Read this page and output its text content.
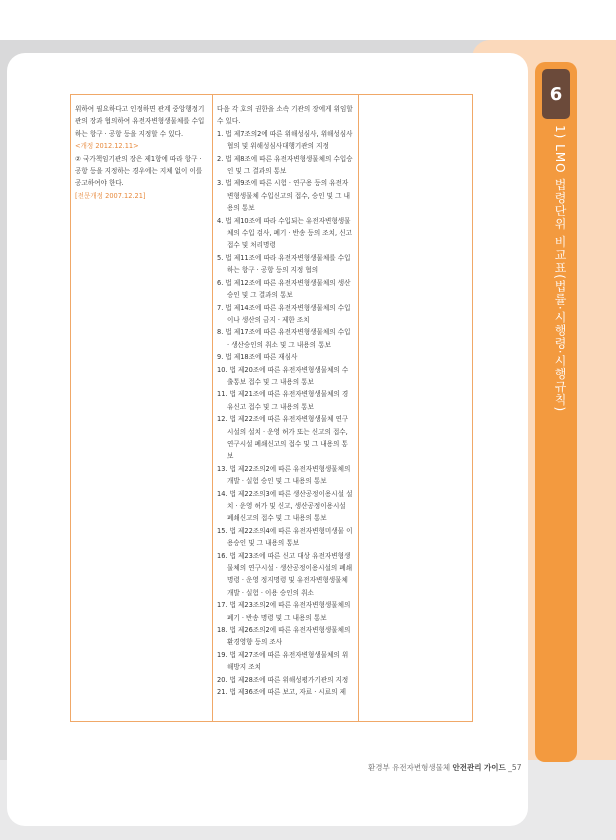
6
1) LMO 법령단위 비교표(법률·시행령·시행규칙)
위하여 필요하다고 인정하면 관계 중앙행정기관의 장과 협의하여 유전자변형생물체를 수입하는 항구 · 공항 등을 지정할 수 있다.
<개정 2012.12.11>
② 국가책임기관의 장은 제1항에 따라 항구 · 공항 등을 지정하는 경우에는 지체 없이 이를 공고하여야 한다.
[전문개정 2007.12.21]
다음 각 호의 권한을 소속 기관의 장에게 위임할 수 있다.
1. 법 제7조의2에 따른 위해성심사, 위해성심사 협의 및 위해성심사대행기관의 지정
2. 법 제8조에 따른 유전자변형생물체의 수입승인 및 그 결과의 통보
3. 법 제9조에 따른 시험 · 연구용 등의 유전자변형생물체 수입신고의 접수, 승인 및 그 내용의 통보
4. 법 제10조에 따라 수입되는 유전자변형생물체의 수입 검사, 폐기 · 반송 등의 조치, 신고 접수 및 처리명령
5. 법 제11조에 따라 유전자변형생물체를 수입하는 항구 · 공항 등의 지정 협의
6. 법 제12조에 따른 유전자변형생물체의 생산승인 및 그 결과의 통보
7. 법 제14조에 따른 유전자변형생물체의 수입이나 생산의 금지 · 제한 조치
8. 법 제17조에 따른 유전자변형생물체의 수입 · 생산승인의 취소 및 그 내용의 통보
9. 법 제18조에 따른 재심사
10. 법 제20조에 따른 유전자변형생물체의 수출통보 접수 및 그 내용의 통보
11. 법 제21조에 따른 유전자변형생물체의 경유신고 접수 및 그 내용의 통보
12. 법 제22조에 따른 유전자변형생물체 연구시설의 설치 · 운영 허가 또는 신고의 접수, 연구시설 폐쇄신고의 접수 및 그 내용의 통보
13. 법 제22조의2에 따른 유전자변형생물체의 개발 · 실험 승인 및 그 내용의 통보
14. 법 제22조의3에 따른 생산공정이용시설 설치 · 운영 허가 및 신고, 생산공정이용시설 폐쇄신고의 접수 및 그 내용의 통보
15. 법 제22조의4에 따른 유전자변형미생물 이용승인 및 그 내용의 통보
16. 법 제23조에 따른 신고 대상 유전자변형생물체의 연구시설 · 생산공정이용시설의 폐쇄 명령 · 운영 정지명령 및 유전자변형생물체 개발 · 실험 · 이용 승인의 취소
17. 법 제23조의2에 따른 유전자변형생물체의 폐기 · 반송 명령 및 그 내용의 통보
18. 법 제26조의2에 따른 유전자변형생물체의 환경영향 등의 조사
19. 법 제27조에 따른 유전자변형생물체의 위해방지 조치
20. 법 제28조에 따른 위해성평가기관의 지정
21. 법 제36조에 따른 보고, 자료 · 시료의 제
환경부 유전자변형생물체 안전관리 가이드 _57
